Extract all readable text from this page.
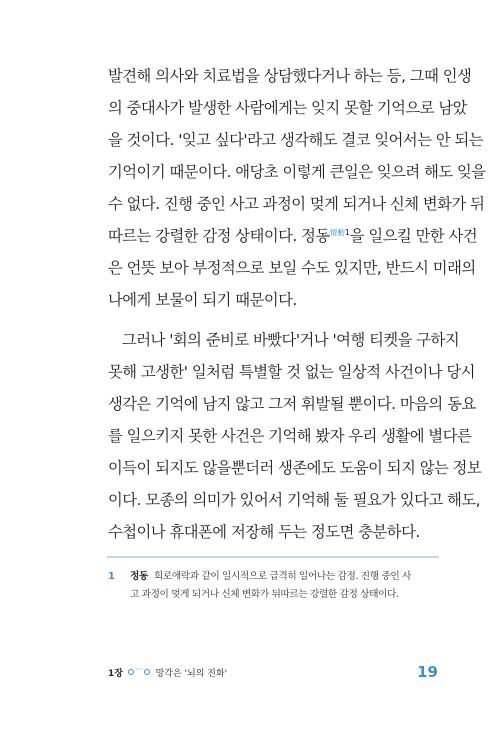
발견해 의사와 치료법을 상담했다거나 하는 등, 그때 인생
의 중대사가 발생한 사람에게는 잊지 못할 기억으로 남았
을 것이다. '잊고 싶다'라고 생각해도 결코 잊어서는 안 되는
기억이기 때문이다. 애당초 이렇게 큰일은 잊으려 해도 잊을
수 없다. 진행 중인 사고 과정이 멎게 되거나 신체 변화가 뒤
따르는 강렬한 감정 상태이다. 정동$^{情動1}$을 일으킬 만한 사건
은 언뜻 보아 부정적으로 보일 수도 있지만, 반드시 미래의
나에게 보물이 되기 때문이다.
그러나 '회의 준비로 바빴다'거나 '여행 티켓을 구하지
못해 고생한' 일처럼 특별할 것 없는 일상적 사건이나 당시
생각은 기억에 남지 않고 그저 휘발될 뿐이다. 마음의 동요
를 일으키지 못한 사건은 기억해 봤자 우리 생활에 별다른
이득이 되지도 않을뿐더러 생존에도 도움이 되지 않는 정보
이다. 모종의 의미가 있어서 기억해 둘 필요가 있다고 해도,
수첩이나 휴대폰에 저장해 두는 정도면 충분하다.
1 정동 희로애락과 같이 일시적으로 급격히 일어나는 감정. 진행 중인 사
고 과정이 멎게 되거나 신체 변화가 뒤따르는 강렬한 감정 상태이다.
1장 ··· 망각은 '뇌의 진화'	19
